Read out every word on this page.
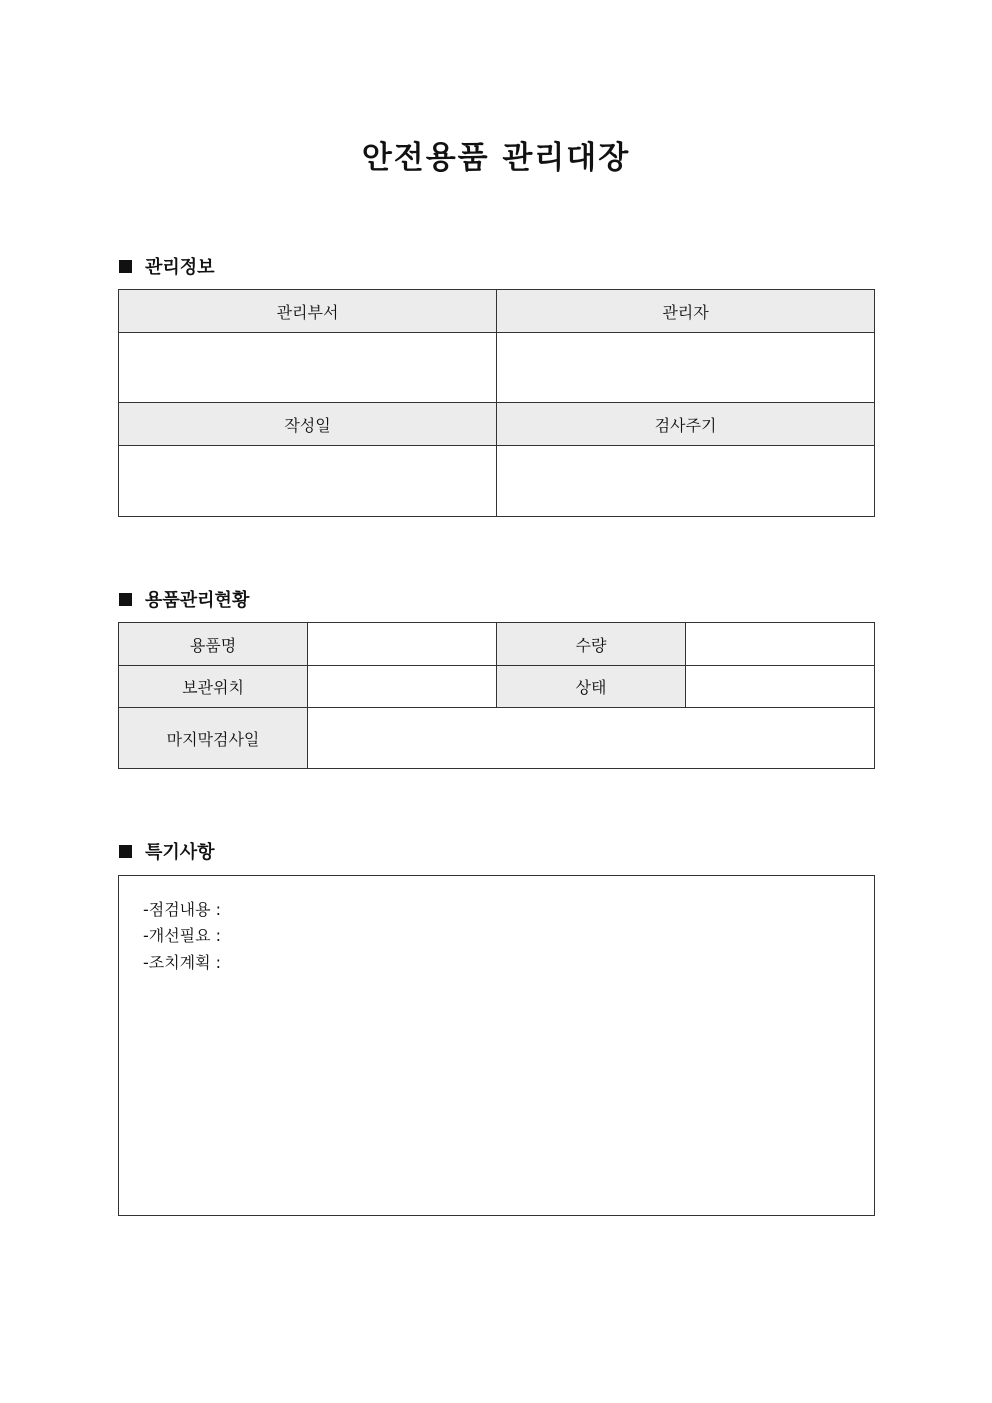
안전용품 관리대장
관리정보
관리부서	관리자

작성일	검사주기

용품관리현황
용품명		수량	
보관위치		상태	
마지막검사일			
특기사항
-점검내용 :
-개선필요 :
-조치계획 :
